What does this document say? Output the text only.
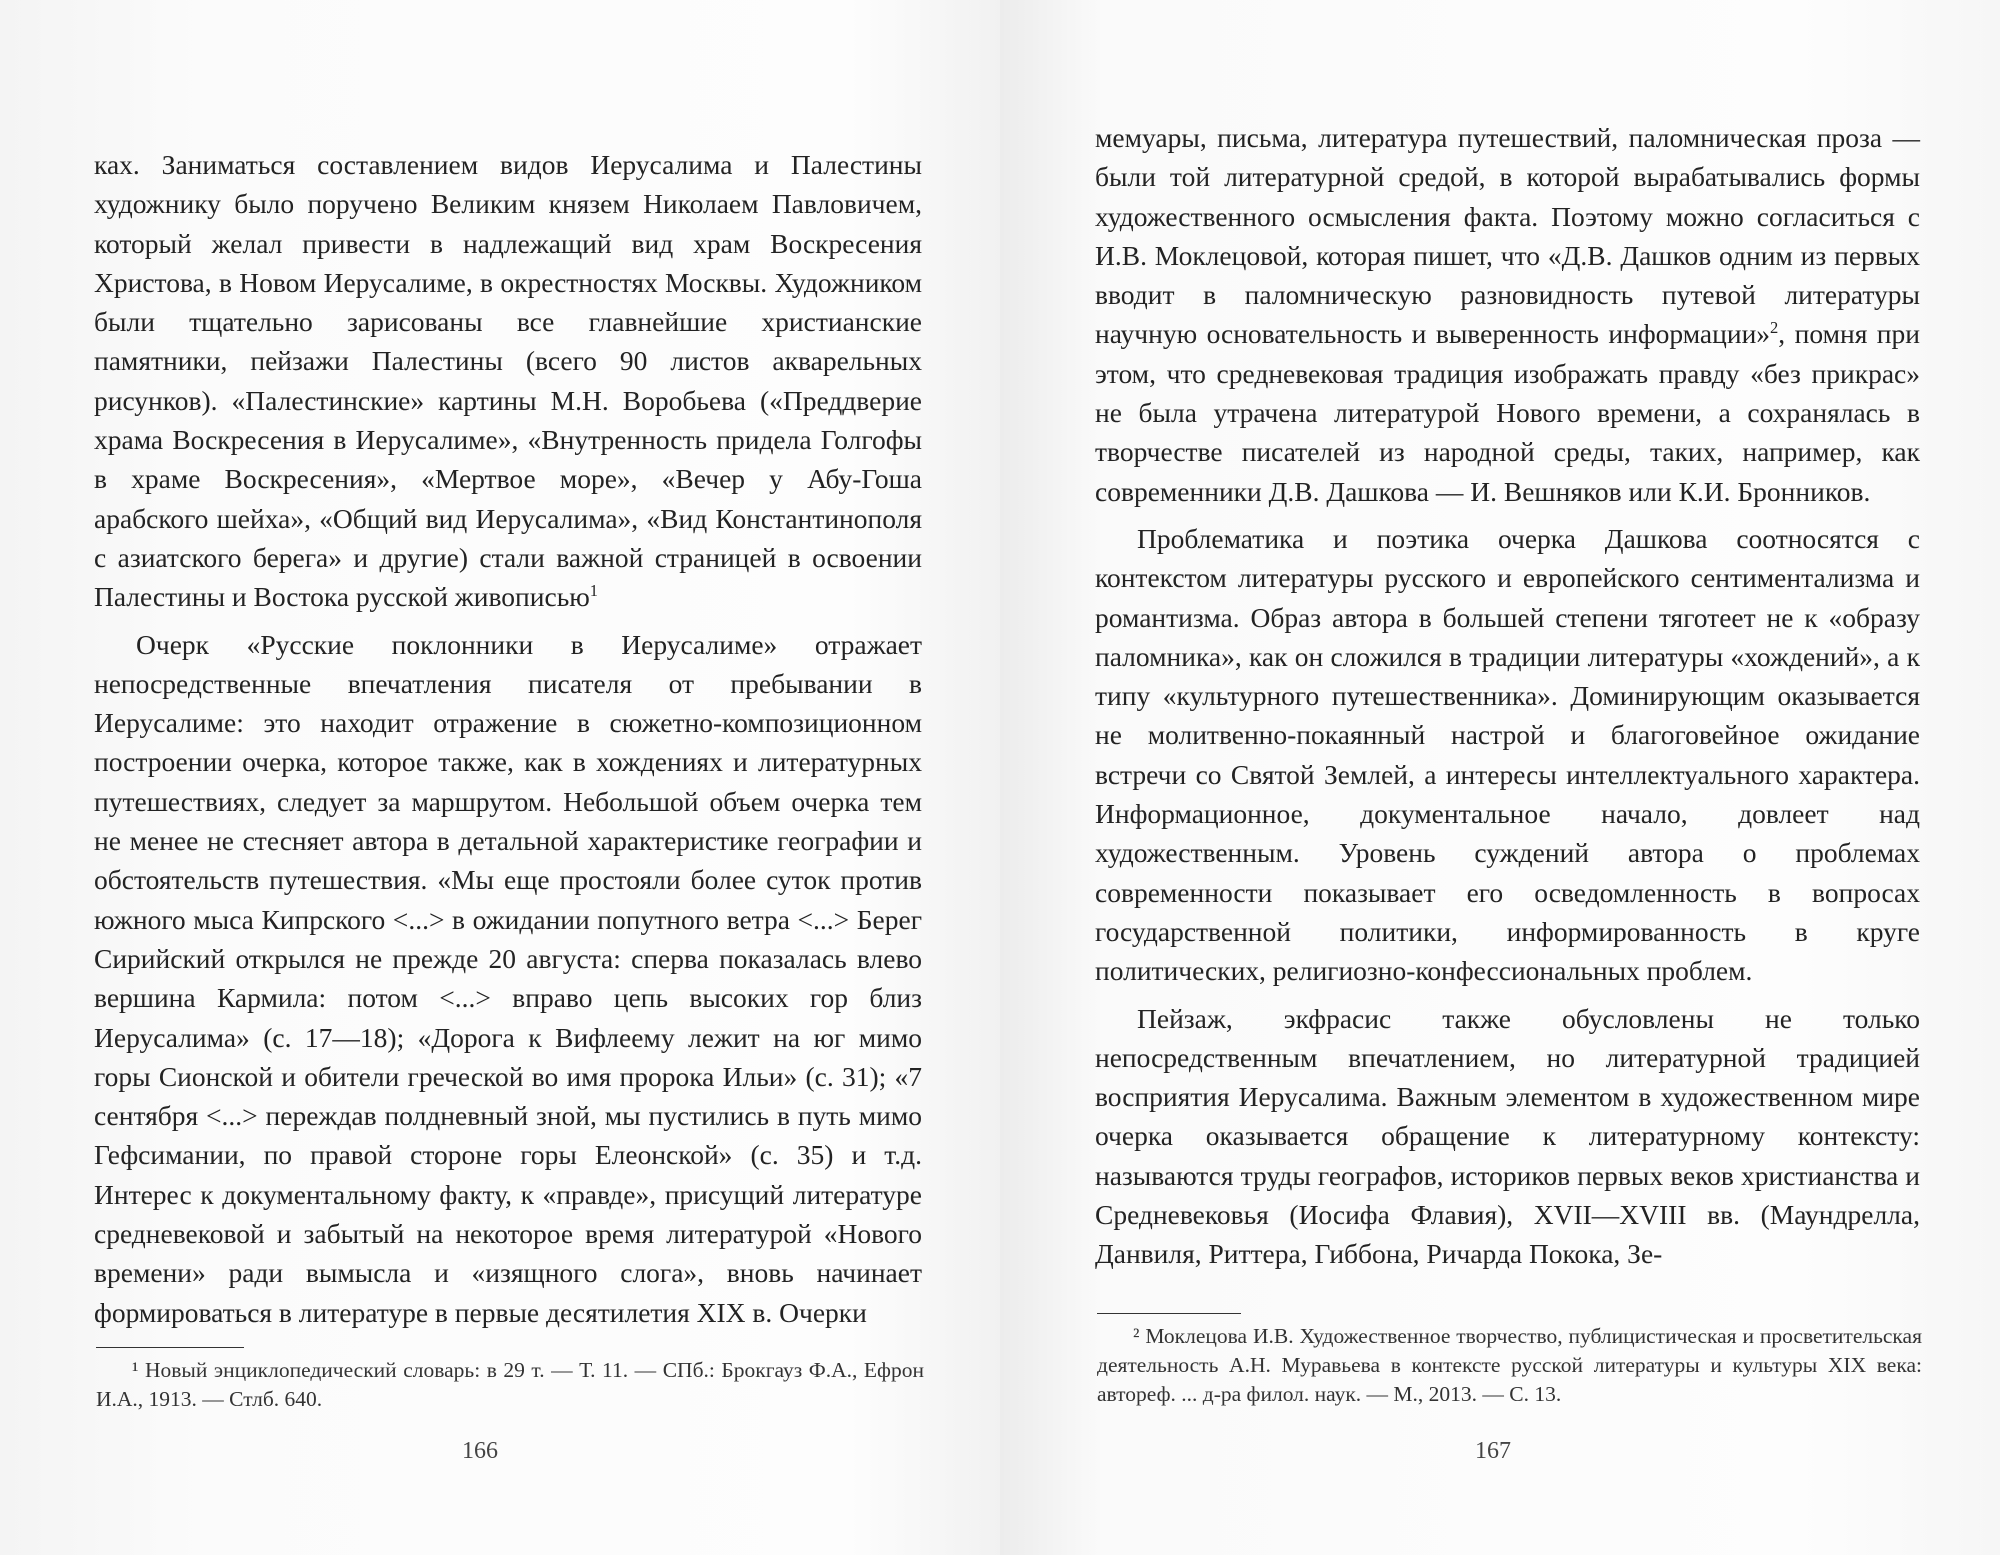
ках. Заниматься составлением видов Иерусалима и Палестины художнику было поручено Великим князем Николаем Павловичем, который желал привести в надлежащий вид храм Воскресения Христова, в Новом Иерусалиме, в окрестностях Москвы. Художником были тщательно зарисованы все главнейшие христианские памятники, пейзажи Палестины (всего 90 листов акварельных рисунков). «Палестинские» картины М.Н. Воробьева («Преддверие храма Воскресения в Иерусалиме», «Внутренность придела Голгофы в храме Воскресения», «Мертвое море», «Вечер у Абу-Гоша арабского шейха», «Общий вид Иерусалима», «Вид Константинополя с азиатского берега» и другие) стали важной страницей в освоении Палестины и Востока русской живописью$^1$

Очерк «Русские поклонники в Иерусалиме» отражает непосредственные впечатления писателя от пребывании в Иерусалиме: это находит отражение в сюжетно-композиционном построении очерка, которое также, как в хождениях и литературных путешествиях, следует за маршрутом. Небольшой объем очерка тем не менее не стесняет автора в детальной характеристике географии и обстоятельств путешествия. «Мы еще простояли более суток против южного мыса Кипрского <...> в ожидании попутного ветра <...> Берег Сирийский открылся не прежде 20 августа: сперва показалась влево вершина Кармила: потом <...> вправо цепь высоких гор близ Иерусалима» (с. 17—18); «Дорога к Вифлеему лежит на юг мимо горы Сионской и обители греческой во имя пророка Ильи» (с. 31); «7 сентября <...> переждав полдневный зной, мы пустились в путь мимо Гефсимании, по правой стороне горы Елеонской» (с. 35) и т.д. Интерес к документальному факту, к «правде», присущий литературе средневековой и забытый на некоторое время литературой «Нового времени» ради вымысла и «изящного слога», вновь начинает формироваться в литературе в первые десятилетия XIX в. Очерки

¹ Новый энциклопедический словарь: в 29 т. — Т. 11. — СПб.: Брокгауз Ф.А., Ефрон И.А., 1913. — Стлб. 640.

166

мемуары, письма, литература путешествий, паломническая проза — были той литературной средой, в которой вырабатывались формы художественного осмысления факта. Поэтому можно согласиться с И.В. Моклецовой, которая пишет, что «Д.В. Дашков одним из первых вводит в паломническую разновидность путевой литературы научную основательность и выверенность информации»$^2$, помня при этом, что средневековая традиция изображать правду «без прикрас» не была утрачена литературой Нового времени, а сохранялась в творчестве писателей из народной среды, таких, например, как современники Д.В. Дашкова — И. Вешняков или К.И. Бронников.

Проблематика и поэтика очерка Дашкова соотносятся с контекстом литературы русского и европейского сентиментализма и романтизма. Образ автора в большей степени тяготеет не к «образу паломника», как он сложился в традиции литературы «хождений», а к типу «культурного путешественника». Доминирующим оказывается не молитвенно-покаянный настрой и благоговейное ожидание встречи со Святой Землей, а интересы интеллектуального характера. Информационное, документальное начало, довлеет над художественным. Уровень суждений автора о проблемах современности показывает его осведомленность в вопросах государственной политики, информированность в круге политических, религиозно-конфессиональных проблем.

Пейзаж, экфрасис также обусловлены не только непосредственным впечатлением, но литературной традицией восприятия Иерусалима. Важным элементом в художественном мире очерка оказывается обращение к литературному контексту: называются труды географов, историков первых веков христианства и Средневековья (Иосифа Флавия), XVII—XVIII вв. (Маундрелла, Данвиля, Риттера, Гиббона, Ричарда Покока, Зе-

² Моклецова И.В. Художественное творчество, публицистическая и просветительская деятельность А.Н. Муравьева в контексте русской литературы и культуры XIX века: автореф. ... д-ра филол. наук. — М., 2013. — С. 13.

167
